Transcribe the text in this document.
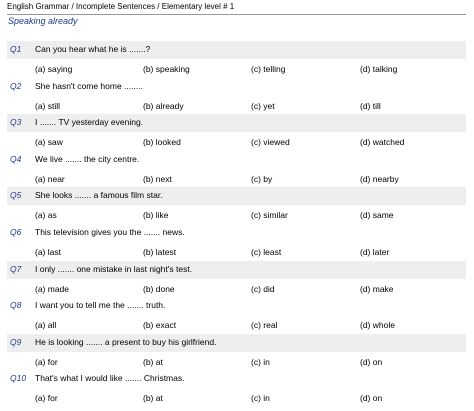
English Grammar / Incomplete Sentences / Elementary level # 1
Speaking already
Q1 Can you hear what he is .......?
(a) saying	(b) speaking	(c) telling	(d) talking
Q2 She hasn't come home ........
(a) still	(b) already	(c) yet	(d) till
Q3 I ....... TV yesterday evening.
(a) saw	(b) looked	(c) viewed	(d) watched
Q4 We live ....... the city centre.
(a) near	(b) next	(c) by	(d) nearby
Q5 She looks ....... a famous film star.
(a) as	(b) like	(c) similar	(d) same
Q6 This television gives you the ....... news.
(a) last	(b) latest	(c) least	(d) later
Q7 I only ....... one mistake in last night's test.
(a) made	(b) done	(c) did	(d) make
Q8 I want you to tell me the ....... truth.
(a) all	(b) exact	(c) real	(d) whole
Q9 He is looking ....... a present to buy his girlfriend.
(a) for	(b) at	(c) in	(d) on
Q10 That's what I would like ....... Christmas.
(a) for	(b) at	(c) in	(d) on
